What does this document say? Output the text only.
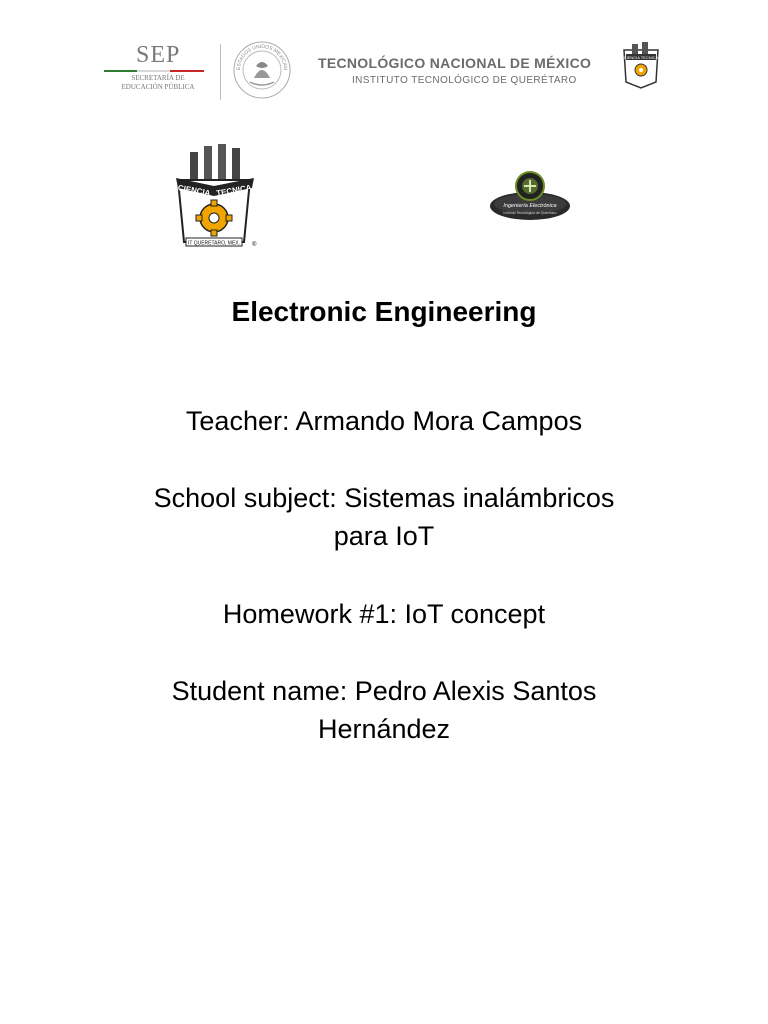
SEP
SECRETARÍA DE
EDUCACIÓN PÚBLICA
ESTADOS UNIDOS MEXICAN TECNOLÓGICO NACIONAL DE MÉXICO
INSTITUTO TECNOLÓGICO DE QUERÉTARO
CIENCIA TECNICA
CIENCIA TECNICA
IT QUERETARO, MEX. ®
Ingeniería Electrónica
Instituto Tecnológico de Querétaro
Electronic Engineering
Teacher: Armando Mora Campos
School subject: Sistemas inalámbricos
para IoT
Homework #1: IoT concept
Student name: Pedro Alexis Santos
Hernández
